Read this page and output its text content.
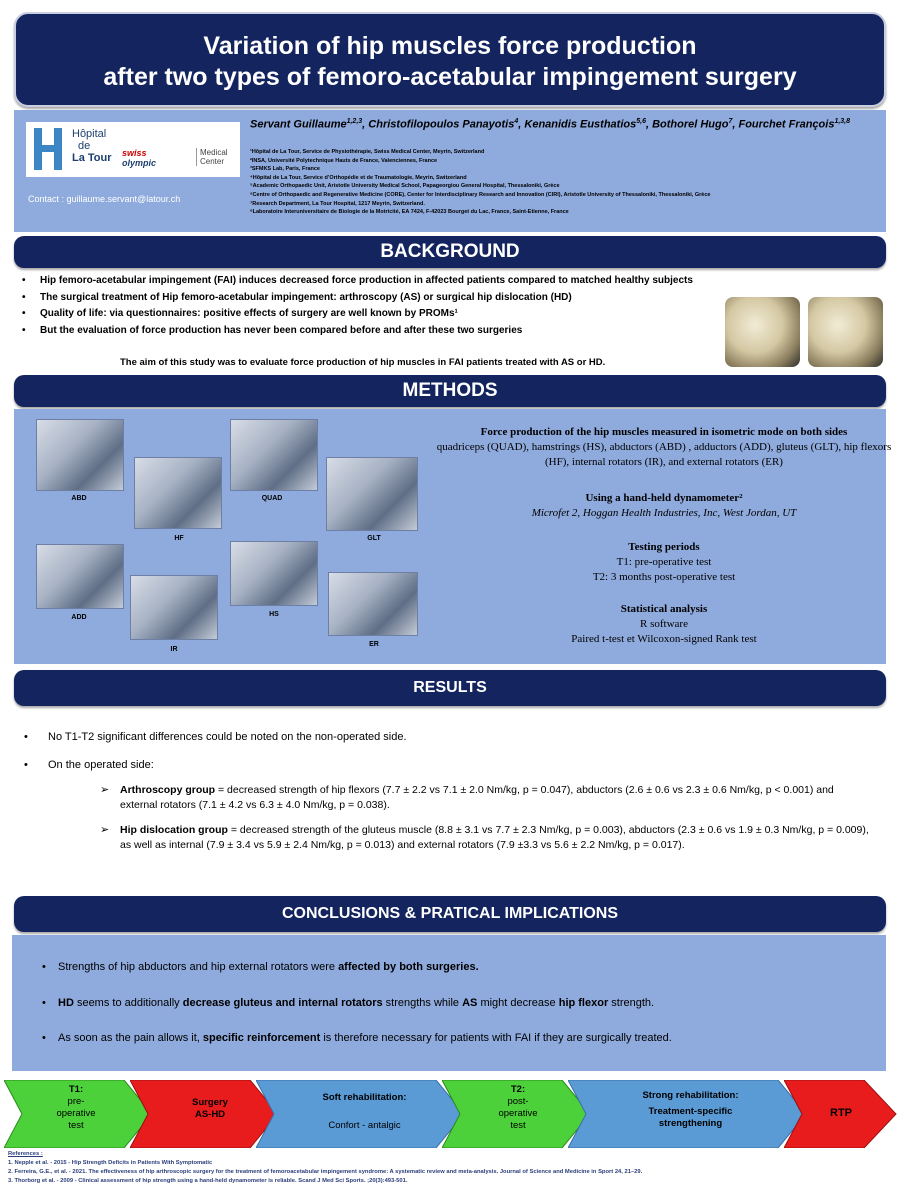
Variation of hip muscles force production
after two types of femoro-acetabular impingement surgery
Hôpital
de
La Tour swiss
olympic
Medical
Center
Contact : guillaume.servant@latour.ch
Servant Guillaume$^{1,2,3}$, Christofilopoulos Panayotis$^4$, Kenanidis Eusthatios$^{5,6}$, Bothorel Hugo$^7$, Fourchet François$^{1,3,8}$
¹Hôpital de La Tour, Service de Physiothérapie, Swiss Medical Center, Meyrin, Switzerland
²INSA, Université Polytechnique Hauts de France, Valenciennes, France
³SFMKS Lab, Paris, France
⁴Hôpital de La Tour, Service d’Orthopédie et de Traumatologie, Meyrin, Switzerland
⁵Academic Orthopaedic Unit, Aristotle University Medical School, Papageorgiou General Hospital, Thessaloniki, Grèce
⁶Centre of Orthopaedic and Regenerative Medicine (CORE), Center for Interdisciplinary Research and Innovation (CIRI), Aristotle University of Thessaloniki, Thessaloniki, Grèce
⁷Research Department, La Tour Hospital, 1217 Meyrin, Switzerland.
⁸Laboratoire Interuniversitaire de Biologie de la Motricité, EA 7424, F-42023 Bourget du Lac, France, Saint-Etienne, France
BACKGROUND
• Hip femoro-acetabular impingement (FAI) induces decreased force production in affected patients compared to matched healthy subjects
• The surgical treatment of Hip femoro-acetabular impingement: arthroscopy (AS) or surgical hip dislocation (HD)
• Quality of life: via questionnaires: positive effects of surgery are well known by PROMs¹
• But the evaluation of force production has never been compared before and after these two surgeries
The aim of this study was to evaluate force production of hip muscles in FAI patients treated with AS or HD.
METHODS
ABD
HF
QUAD
GLT
ADD
IR
HS
ER
Force production of the hip muscles measured in isometric mode on both sides
quadriceps (QUAD), hamstrings (HS), abductors (ABD) , adductors (ADD), gluteus (GLT), hip flexors (HF), internal rotators (IR), and external rotators (ER)
Using a hand-held dynamometer²
Microfet 2, Hoggan Health Industries, Inc, West Jordan, UT
Testing periods
T1: pre-operative test
T2: 3 months post-operative test
Statistical analysis
R software
Paired t-test et Wilcoxon-signed Rank test
RESULTS
• No T1-T2 significant differences could be noted on the non-operated side.
• On the operated side:
➢ Arthroscopy group = decreased strength of hip flexors (7.7 ± 2.2 vs 7.1 ± 2.0 Nm/kg, p = 0.047), abductors (2.6 ± 0.6 vs 2.3 ± 0.6 Nm/kg, p < 0.001) and external rotators (7.1 ± 4.2 vs 6.3 ± 4.0 Nm/kg, p = 0.038).
➢ Hip dislocation group = decreased strength of the gluteus muscle (8.8 ± 3.1 vs 7.7 ± 2.3 Nm/kg, p = 0.003), abductors (2.3 ± 0.6 vs 1.9 ± 0.3 Nm/kg, p = 0.009), as well as internal (7.9 ± 3.4 vs 5.9 ± 2.4 Nm/kg, p = 0.013) and external rotators (7.9 ±3.3 vs 5.6 ± 2.2 Nm/kg, p = 0.017).
CONCLUSIONS & PRATICAL IMPLICATIONS
• Strengths of hip abductors and hip external rotators were affected by both surgeries.
• HD seems to additionally decrease gluteus and internal rotators strengths while AS might decrease hip flexor strength.
• As soon as the pain allows it, specific reinforcement is therefore necessary for patients with FAI if they are surgically treated.
T1:
pre-
operative
test
Surgery
AS-HD
Soft rehabilitation:
Confort - antalgic
T2:
post-
operative
test
Strong rehabilitation:
Treatment-specific
strengthening
RTP
References :
1. Nepple et al. - 2015 - Hip Strength Deficits in Patients With Symptomatic
2. Ferreira, G.E., et al. - 2021. The effectiveness of hip arthroscopic surgery for the treatment of femoroacetabular impingement syndrome: A systematic review and meta-analysis. Journal of Science and Medicine in Sport 24, 21–29.
3. Thorborg et al. - 2009 - Clinical assessment of hip strength using a hand-held dynamometer is reliable. Scand J Med Sci Sports. ;20(3):493-501.
